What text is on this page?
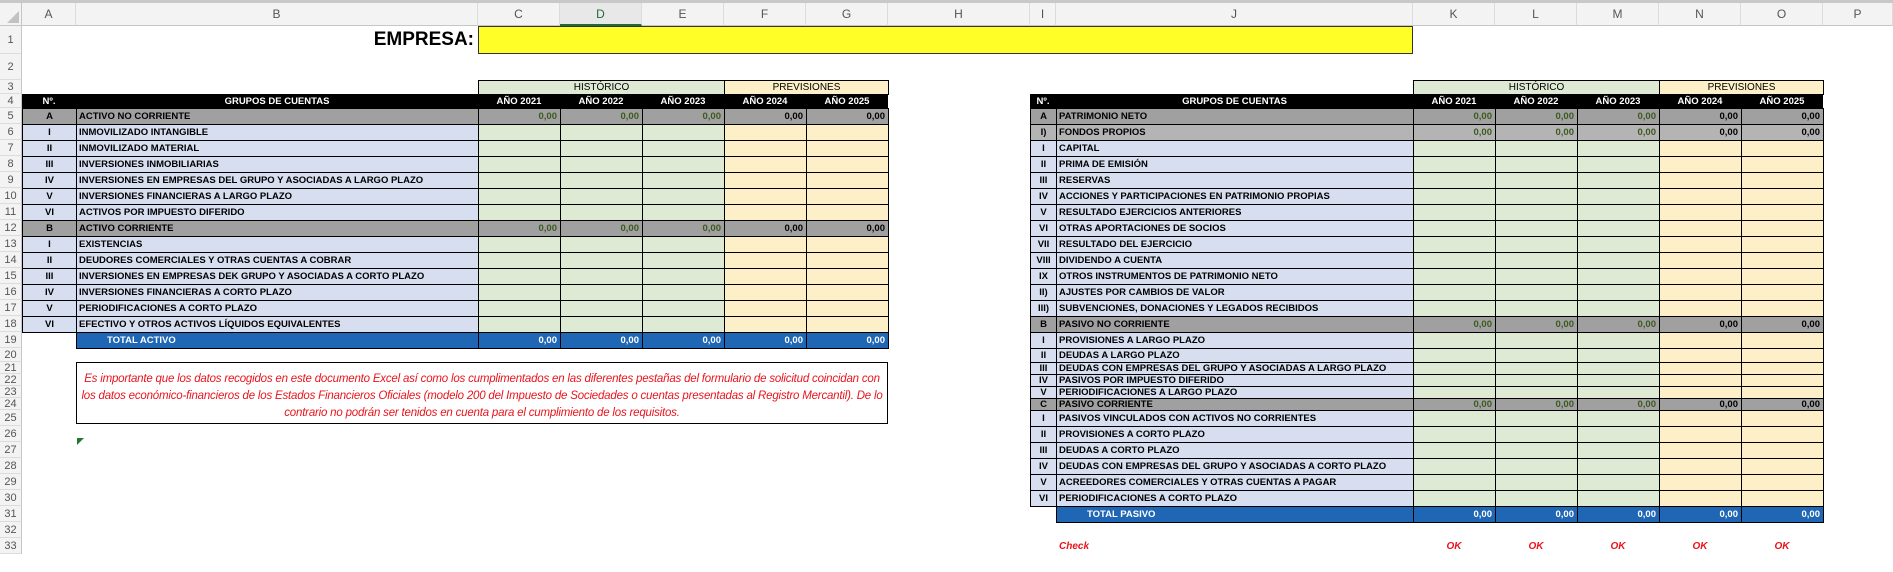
A	B	C	D	E	F	G	H	I	J	K	L	M	N	O	P
1
2
3
4
5
6
7
8
9
10
11
12
13
14
15
16
17
18
19
20
21
22
23
24
25
26
27
28
29
30
31
32
33
EMPRESA:
HISTÓRICO	PREVISIONES
Nº.	GRUPOS DE CUENTAS	AÑO 2021	AÑO 2022	AÑO 2023	AÑO 2024	AÑO 2025
A	ACTIVO NO CORRIENTE	0,00	0,00	0,00	0,00	0,00
I	INMOVILIZADO INTANGIBLE
II	INMOVILIZADO MATERIAL
III	INVERSIONES INMOBILIARIAS
IV	INVERSIONES EN EMPRESAS DEL GRUPO Y ASOCIADAS A LARGO PLAZO
V	INVERSIONES FINANCIERAS A LARGO PLAZO
VI	ACTIVOS POR IMPUESTO DIFERIDO
B	ACTIVO CORRIENTE	0,00	0,00	0,00	0,00	0,00
I	EXISTENCIAS
II	DEUDORES COMERCIALES Y OTRAS CUENTAS A COBRAR
III	INVERSIONES EN EMPRESAS DEK GRUPO Y ASOCIADAS A CORTO PLAZO
IV	INVERSIONES FINANCIERAS A CORTO PLAZO
V	PERIODIFICACIONES A CORTO PLAZO
VI	EFECTIVO Y OTROS ACTIVOS LÍQUIDOS EQUIVALENTES
TOTAL ACTIVO	0,00	0,00	0,00	0,00	0,00
HISTÓRICO	PREVISIONES
Nº.	GRUPOS DE CUENTAS	AÑO 2021	AÑO 2022	AÑO 2023	AÑO 2024	AÑO 2025
A	PATRIMONIO NETO	0,00	0,00	0,00	0,00	0,00
I)	FONDOS PROPIOS	0,00	0,00	0,00	0,00	0,00
I	CAPITAL
II	PRIMA DE EMISIÓN
III	RESERVAS
IV	ACCIONES Y PARTICIPACIONES EN PATRIMONIO PROPIAS
V	RESULTADO EJERCICIOS ANTERIORES
VI	OTRAS APORTACIONES DE SOCIOS
VII	RESULTADO DEL EJERCICIO
VIII DIVIDENDO A CUENTA
IX	OTROS INSTRUMENTOS DE PATRIMONIO NETO
II)	AJUSTES POR CAMBIOS DE VALOR
III)	SUBVENCIONES, DONACIONES Y LEGADOS RECIBIDOS
B	PASIVO NO CORRIENTE	0,00	0,00	0,00	0,00	0,00
I	PROVISIONES A LARGO PLAZO
II	DEUDAS A LARGO PLAZO
III	DEUDAS CON EMPRESAS DEL GRUPO Y ASOCIADAS A LARGO PLAZO
IV	PASIVOS POR IMPUESTO DIFERIDO
V	PERIODIFICACIONES A LARGO PLAZO
C	PASIVO CORRIENTE	0,00	0,00	0,00	0,00	0,00
I	PASIVOS VINCULADOS CON ACTIVOS NO CORRIENTES
II	PROVISIONES A CORTO PLAZO
III	DEUDAS A CORTO PLAZO
IV	DEUDAS CON EMPRESAS DEL GRUPO Y ASOCIADAS A CORTO PLAZO
V	ACREEDORES COMERCIALES Y OTRAS CUENTAS A PAGAR
VI	PERIODIFICACIONES A CORTO PLAZO
TOTAL PASIVO	0,00	0,00	0,00	0,00	0,00
Es importante que los datos recogidos en este documento Excel así como los cumplimentados en las diferentes pestañas del formulario de solicitud coincidan con los datos económico-financieros de los Estados Financieros Oficiales (modelo 200 del Impuesto de Sociedades o cuentas presentadas al Registro Mercantil). De lo contrario no podrán ser tenidos en cuenta para el cumplimiento de los requisitos.
Check	OK	OK	OK	OK	OK
